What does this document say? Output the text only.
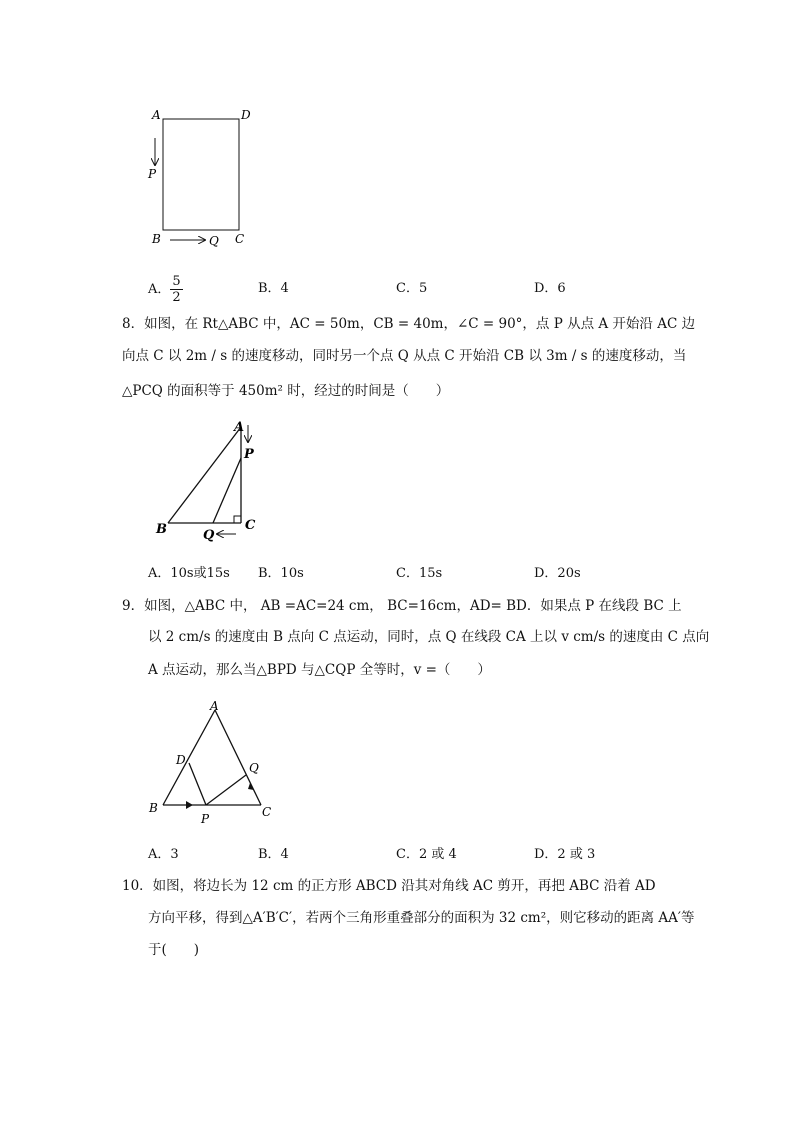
A	D
P
B	Q C
A． $\frac{5}{2}$	B．4	C．5	D．6
8．如图，在 Rt△ABC 中，AC = 50m，CB = 40m，∠C = 90°，点 P 从点 A 开始沿 AC 边
向点 C 以 2m / s 的速度移动，同时另一个点 Q 从点 C 开始沿 CB 以 3m / s 的速度移动，当
△PCQ 的面积等于 450m² 时，经过的时间是（　　）
A
P
B	Q
C
A．10s或15s B．10s	C．15s	D．20s
9．如图，△ABC 中， AB =AC=24 cm， BC=16cm，AD= BD．如果点 P 在线段 BC 上
以 2 cm/s 的速度由 B 点向 C 点运动，同时，点 Q 在线段 CA 上以 v cm/s 的速度由 C 点向
A 点运动，那么当△BPD 与△CQP 全等时，v =（　　）
A
D
Q
B
P	C
A．3	B．4	C．2 或 4	D．2 或 3
10．如图，将边长为 12 cm 的正方形 ABCD 沿其对角线 AC 剪开，再把 ABC 沿着 AD
方向平移，得到△A′B′C′，若两个三角形重叠部分的面积为 32 cm²，则它移动的距离 AA′等
于(　　)
